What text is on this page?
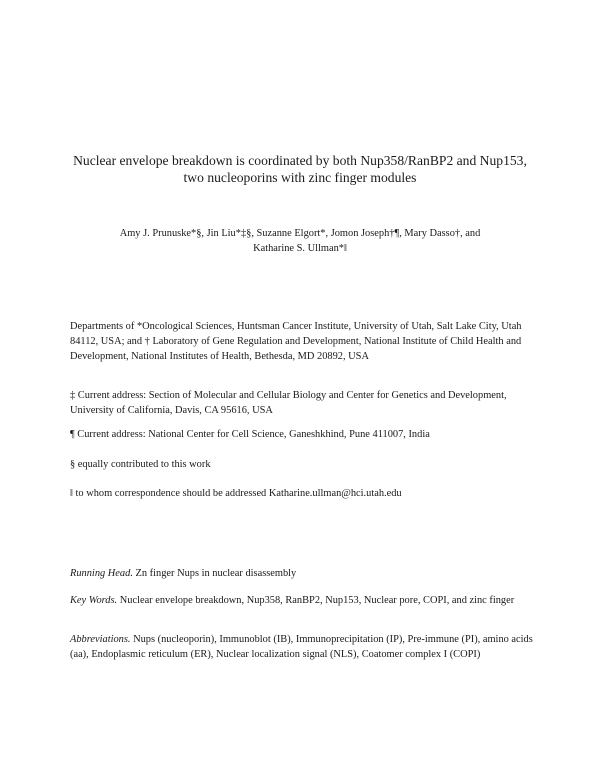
Nuclear envelope breakdown is coordinated by both Nup358/RanBP2 and Nup153,
two nucleoporins with zinc finger modules
Amy J. Prunuske*§, Jin Liu*‡§, Suzanne Elgort*, Jomon Joseph†¶, Mary Dasso†, and
Katharine S. Ullman*‖
Departments of *Oncological Sciences, Huntsman Cancer Institute, University of Utah, Salt Lake City, Utah 84112, USA; and † Laboratory of Gene Regulation and Development, National Institute of Child Health and Development, National Institutes of Health, Bethesda, MD 20892, USA
‡ Current address: Section of Molecular and Cellular Biology and Center for Genetics and Development, University of California, Davis, CA 95616, USA
¶ Current address: National Center for Cell Science, Ganeshkhind, Pune 411007, India
§ equally contributed to this work
‖ to whom correspondence should be addressed Katharine.ullman@hci.utah.edu
Running Head. Zn finger Nups in nuclear disassembly
Key Words. Nuclear envelope breakdown, Nup358, RanBP2, Nup153, Nuclear pore, COPI, and zinc finger
Abbreviations. Nups (nucleoporin), Immunoblot (IB), Immunoprecipitation (IP), Pre-immune (PI), amino acids (aa), Endoplasmic reticulum (ER), Nuclear localization signal (NLS), Coatomer complex I (COPI)
